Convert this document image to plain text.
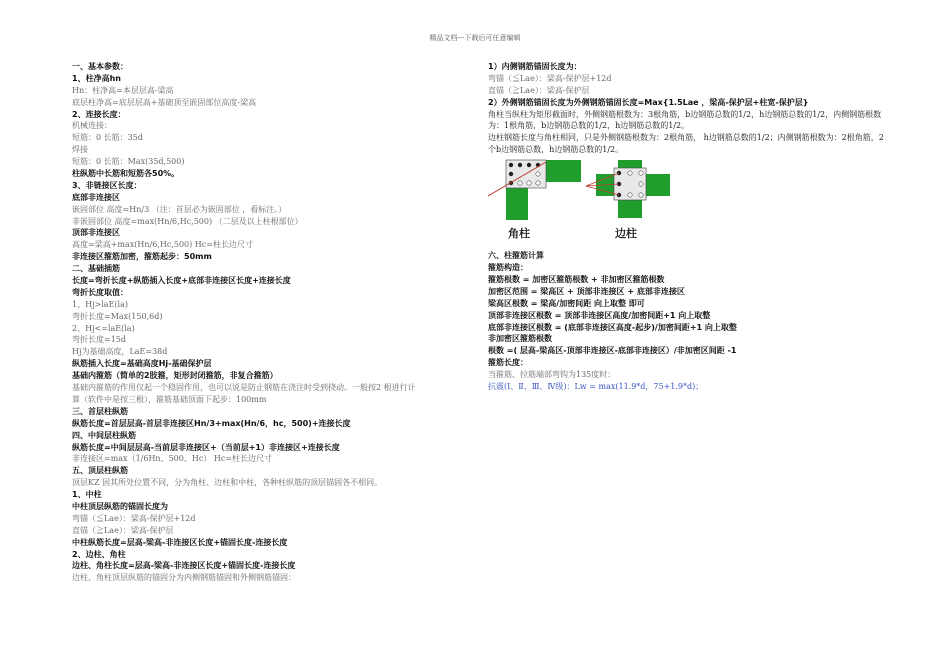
精品文档---下载后可任意编辑
一、基本参数：
1、柱净高hn
Hn：柱净高=本层层高-梁高
底层柱净高=底层层高+基础顶至嵌固部位高度-梁高
2、连接长度：
机械连接：
短筋：0 长筋：35d
焊接
短筋：0 长筋：Max(35d,500)
柱纵筋中长筋和短筋各50%。
3、非链接区长度：
底部非连接区
嵌固部位 高度=Hn/3 （注：首层必为嵌固部位 ，看标注。）
非嵌固部位 高度=max(Hn/6,Hc,500) （二层及以上柱根部位）
顶部非连接区
高度=梁高+max(Hn/6,Hc,500) Hc=柱长边尺寸
非连接区箍筋加密，箍筋起步：50mm
二、基础插筋
长度=弯折长度+纵筋插入长度+底部非连接区长度+连接长度
弯折长度取值：
1、Hj>laE(la)
弯折长度=Max(150,6d)
2、Hj<=laE(la)
弯折长度=15d
Hj为基础高度，LaE=38d
纵筋插入长度=基础高度Hj-基础保护层
基础内箍筋（简单的2肢箍，矩形封闭箍筋，非复合箍筋）
基础内箍筋的作用仅起一个稳固作用，也可以说是防止钢筋在浇注时受到挠动。一般按2 根进行计
算（软件中是按三根），箍筋基础顶面下起步：100mm
三、首层柱纵筋
纵筋长度=首层层高-首层非连接区Hn/3+max(Hn/6，hc，500)+连接长度
四、中间层柱纵筋
纵筋长度=中间层层高-当前层非连接区+（当前层+1）非连接区+连接长度
非连接区=max（1/6Hn、500、Hc） Hc=柱长边尺寸
五、顶层柱纵筋
顶层KZ 因其所处位置不同，分为角柱、边柱和中柱，各种柱纵筋的顶层锚固各不相同。
1、中柱
中柱顶层纵筋的锚固长度为
弯锚（≦Lae）：梁高-保护层+12d
直锚（≧Lae）：梁高-保护层
中柱纵筋长度=层高-梁高-非连接区长度+锚固长度-连接长度
2、边柱、角柱
边柱、角柱长度=层高-梁高-非连接区长度+锚固长度-连接长度
边柱、角柱顶层纵筋的锚固分为内侧钢筋锚固和外侧钢筋锚固：
1）内侧钢筋锚固长度为：
弯锚（≦Lae）：梁高-保护层+12d
直锚（≧Lae）：梁高-保护层
2）外侧钢筋锚固长度为外侧钢筋锚固长度=Max{1.5Lae ，梁高-保护层+柱宽-保护层}
角柱当纵柱为矩形截面时，外侧钢筋根数为：3根角筋，b边钢筋总数的1/2，h边钢筋总数的1/2，内侧钢筋根数为：1根角筋，b边钢筋总数的1/2，h边钢筋总数的1/2。
边柱钢筋长度与角柱相同，只是外侧钢筋根数为：2根角筋， h边钢筋总数的1/2；内侧钢筋根数为：2根角筋，2个b边钢筋总数，h边钢筋总数的1/2。
角柱	边柱
六、柱箍筋计算
箍筋构造：
箍筋根数 = 加密区箍筋根数 + 非加密区箍筋根数
加密区范围 = 梁高区 + 顶部非连接区 + 底部非连接区
梁高区根数 = 梁高/加密间距 向上取整 即可
顶部非连接区根数 = 顶部非连接区高度/加密间距+1 向上取整
底部非连接区根数 = (底部非连接区高度-起步)/加密间距+1 向上取整
非加密区箍筋根数
根数 =( 层高-梁高区-顶部非连接区-底部非连接区）/非加密区间距 -1
箍筋长度：
当箍筋、拉筋端部弯钩为135度时：
抗震(Ⅰ、Ⅱ、Ⅲ、Ⅳ级)：Lw = max(11.9*d，75+1.9*d)；
